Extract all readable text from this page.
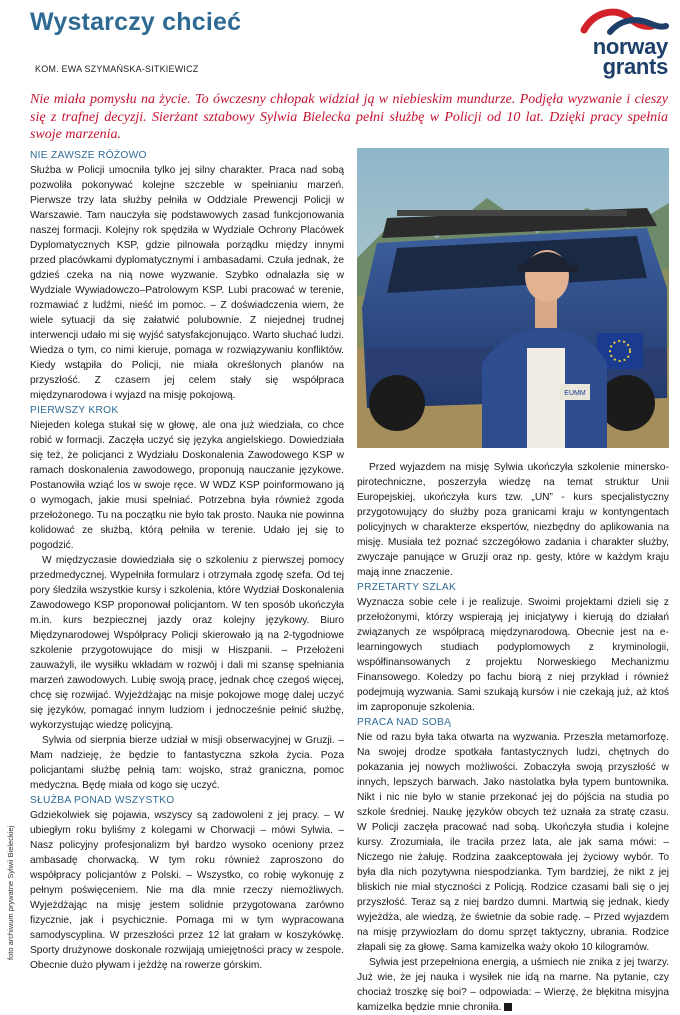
Wystarczy chcieć
KOM. EWA SZYMAŃSKA-SITKIEWICZ
norway
grants
Nie miała pomysłu na życie. To ówczesny chłopak widział ją w niebieskim mundurze. Podjęła wyzwanie i cieszy się z trafnej decyzji. Sierżant sztabowy Sylwia Bielecka pełni służbę w Policji od 10 lat. Dzięki pracy spełnia swoje marzenia.
NIE ZAWSZE RÓŻOWO

Służba w Policji umocniła tylko jej silny charakter. Praca nad sobą pozwoliła pokonywać kolejne szczeble w spełnianiu marzeń. Pierwsze trzy lata służby pełniła w Oddziale Prewencji Policji w Warszawie. Tam nauczyła się podstawowych zasad funkcjonowania naszej formacji. Kolejny rok spędziła w Wydziale Ochrony Placówek Dyplomatycznych KSP, gdzie pilnowała porządku między innymi przed placówkami dyplomatycznymi i ambasadami. Czuła jednak, że gdzieś czeka na nią nowe wyzwanie. Szybko odnalazła się w Wydziale Wywiadowczo–Patrolowym KSP. Lubi pracować w terenie, rozmawiać z ludźmi, nieść im pomoc. – Z doświadczenia wiem, że wiele sytuacji da się załatwić polubownie. Z niejednej trudnej interwencji udało mi się wyjść satysfakcjonująco. Warto słuchać ludzi. Wiedza o tym, co nimi kieruje, pomaga w rozwiązywaniu konfliktów. Kiedy wstąpiła do Policji, nie miała określonych planów na przyszłość. Z czasem jej celem stały się współpraca międzynarodowa i wyjazd na misję pokojową.

PIERWSZY KROK

Niejeden kolega stukał się w głowę, ale ona już wiedziała, co chce robić w formacji. Zaczęła uczyć się języka angielskiego. Dowiedziała się też, że policjanci z Wydziału Doskonalenia Zawodowego KSP w ramach doskonalenia zawodowego, proponują nauczanie językowe. Postanowiła wziąć los w swoje ręce. W WDZ KSP poinformowano ją o wymogach, jakie musi spełniać. Potrzebna była również zgoda przełożonego. Tu na początku nie było tak prosto. Nauka nie powinna kolidować ze służbą, którą pełniła w terenie. Udało jej się to pogodzić.

W międzyczasie dowiedziała się o szkoleniu z pierwszej pomocy przedmedycznej. Wypełniła formularz i otrzymała zgodę szefa. Od tej pory śledziła wszystkie kursy i szkolenia, które Wydział Doskonalenia Zawodowego KSP proponował policjantom. W ten sposób ukończyła m.in. kurs bezpiecznej jazdy oraz kolejny językowy. Biuro Międzynarodowej Współpracy Policji skierowało ją na 2-tygodniowe szkolenie przygotowujące do misji w Hiszpanii. – Przełożeni zauważyli, ile wysiłku wkładam w rozwój i dali mi szansę spełniania marzeń zawodowych. Lubię swoją pracę, jednak chcę czegoś więcej, chcę się rozwijać. Wyjeżdżając na misje pokojowe mogę dalej uczyć się języków, pomagać innym ludziom i jednocześnie pełnić służbę, wykorzystując wiedzę policyjną.

Sylwia od sierpnia bierze udział w misji obserwacyjnej w Gruzji. – Mam nadzieję, że będzie to fantastyczna szkoła życia. Poza policjantami służbę pełnią tam: wojsko, straż graniczna, pomoc medyczna. Będę miała od kogo się uczyć.

SŁUŻBA PONAD WSZYSTKO

Gdziekolwiek się pojawia, wszyscy są zadowoleni z jej pracy. – W ubiegłym roku byliśmy z kolegami w Chorwacji – mówi Sylwia. – Nasz policyjny profesjonalizm był bardzo wysoko oceniony przez ambasadę chorwacką. W tym roku również zaproszono do współpracy policjantów z Polski. – Wszystko, co robię wykonuję z pełnym poświęceniem. Nie ma dla mnie rzeczy niemożliwych. Wyjeżdżając na misję jestem solidnie przygotowana zarówno fizycznie, jak i psychicznie. Pomaga mi w tym wypracowana samodyscyplina. W przeszłości przez 12 lat grałam w koszykówkę. Sporty drużynowe doskonale rozwijają umiejętności pracy w zespole. Obecnie dużo pływam i jeżdżę na rowerze górskim.

EUMM

Przed wyjazdem na misję Sylwia ukończyła szkolenie minersko-pirotechniczne, poszerzyła wiedzę na temat struktur Unii Europejskiej, ukończyła kurs tzw. „UN” - kurs specjalistyczny przygotowujący do służby poza granicami kraju w kontyngentach policyjnych w charakterze ekspertów, niezbędny do aplikowania na misję. Musiała też poznać szczegółowo zadania i charakter służby, zwyczaje panujące w Gruzji oraz np. gesty, które w każdym kraju mają inne znaczenie.

PRZETARTY SZLAK

Wyznacza sobie cele i je realizuje. Swoimi projektami dzieli się z przełożonymi, którzy wspierają jej inicjatywy i kierują do działań związanych ze współpracą międzynarodową. Obecnie jest na e-learningowych studiach podyplomowych z kryminologii, współfinansowanych z projektu Norweskiego Mechanizmu Finansowego. Koledzy po fachu biorą z niej przykład i również podejmują wyzwania. Sami szukają kursów i nie czekają już, aż ktoś im zaproponuje szkolenia.

PRACA NAD SOBĄ

Nie od razu była taka otwarta na wyzwania. Przeszła metamorfozę. Na swojej drodze spotkała fantastycznych ludzi, chętnych do pokazania jej nowych możliwości. Zobaczyła swoją przyszłość w innych, lepszych barwach. Jako nastolatka była typem buntownika. Nikt i nic nie było w stanie przekonać jej do pójścia na studia po szkole średniej. Naukę języków obcych też uznała za stratę czasu. W Policji zaczęła pracować nad sobą. Ukończyła studia i kolejne kursy. Zrozumiała, ile traciła przez lata, ale jak sama mówi: – Niczego nie żałuję. Rodzina zaakceptowała jej życiowy wybór. To była dla nich pozytywna niespodzianka. Tym bardziej, że nikt z jej bliskich nie miał styczności z Policją. Rodzice czasami bali się o jej przyszłość. Teraz są z niej bardzo dumni. Martwią się jednak, kiedy wyjeżdża, ale wiedzą, że świetnie da sobie radę. – Przed wyjazdem na misję przywiozłam do domu sprzęt taktyczny, ubrania. Rodzice złapali się za głowę. Sama kamizelka waży około 10 kilogramów.

Sylwia jest przepełniona energią, a uśmiech nie znika z jej twarzy. Już wie, że jej nauka i wysiłek nie idą na marne. Na pytanie, czy chociaż troszkę się boi? – odpowiada: – Wierzę, że błękitna misyjna kamizelka będzie mnie chroniła.

foto archiwum prywatne Sylwii Bieleckiej
